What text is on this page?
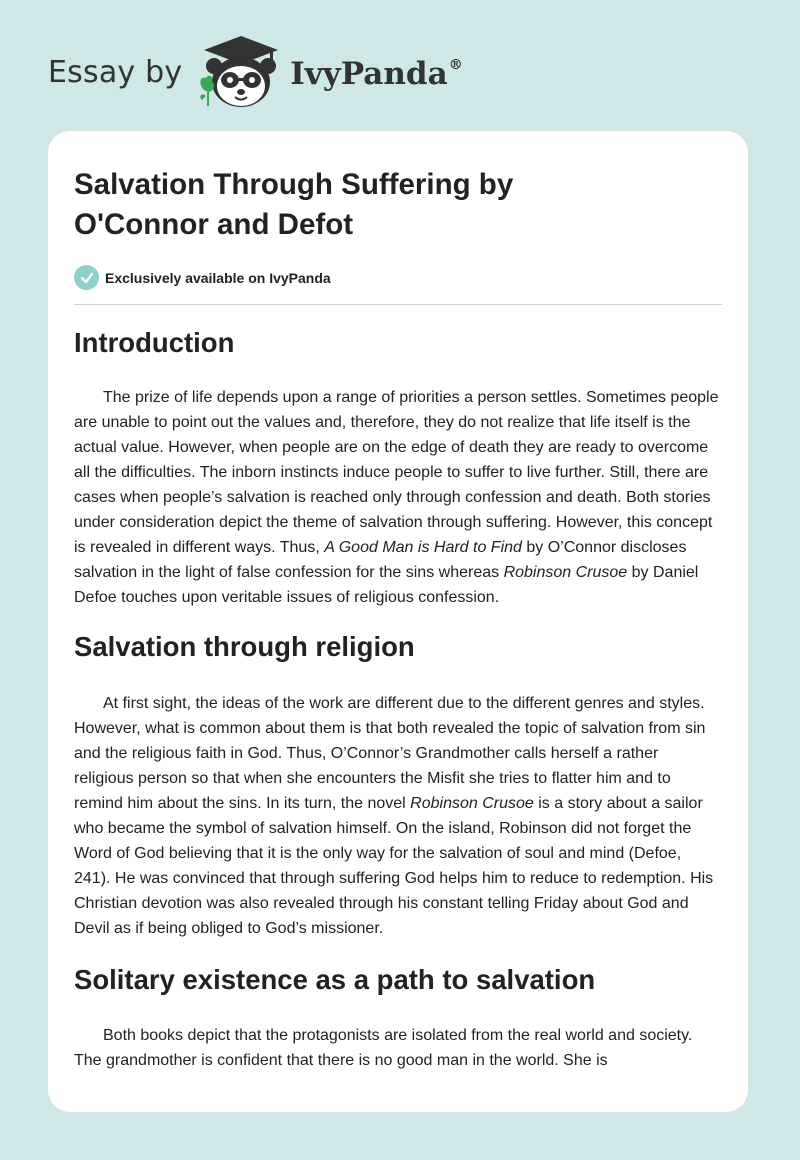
Essay by	IvyPanda®
Salvation Through Suffering by
O'Connor and Defot
Exclusively available on IvyPanda
Introduction

The prize of life depends upon a range of priorities a person settles. Sometimes people are unable to point out the values and, therefore, they do not realize that life itself is the actual value. However, when people are on the edge of death they are ready to overcome all the difficulties. The inborn instincts induce people to suffer to live further. Still, there are cases when people’s salvation is reached only through confession and death. Both stories under consideration depict the theme of salvation through suffering. However, this concept is revealed in different ways. Thus, A Good Man is Hard to Find by O’Connor discloses salvation in the light of false confession for the sins whereas Robinson Crusoe by Daniel Defoe touches upon veritable issues of religious confession.

Salvation through religion

At first sight, the ideas of the work are different due to the different genres and styles. However, what is common about them is that both revealed the topic of salvation from sin and the religious faith in God. Thus, O’Connor’s Grandmother calls herself a rather religious person so that when she encounters the Misfit she tries to flatter him and to remind him about the sins. In its turn, the novel Robinson Crusoe is a story about a sailor who became the symbol of salvation himself. On the island, Robinson did not forget the Word of God believing that it is the only way for the salvation of soul and mind (Defoe, 241). He was convinced that through suffering God helps him to reduce to redemption. His Christian devotion was also revealed through his constant telling Friday about God and Devil as if being obliged to God’s missioner.

Solitary existence as a path to salvation

Both books depict that the protagonists are isolated from the real world and society. The grandmother is confident that there is no good man in the world. She is
